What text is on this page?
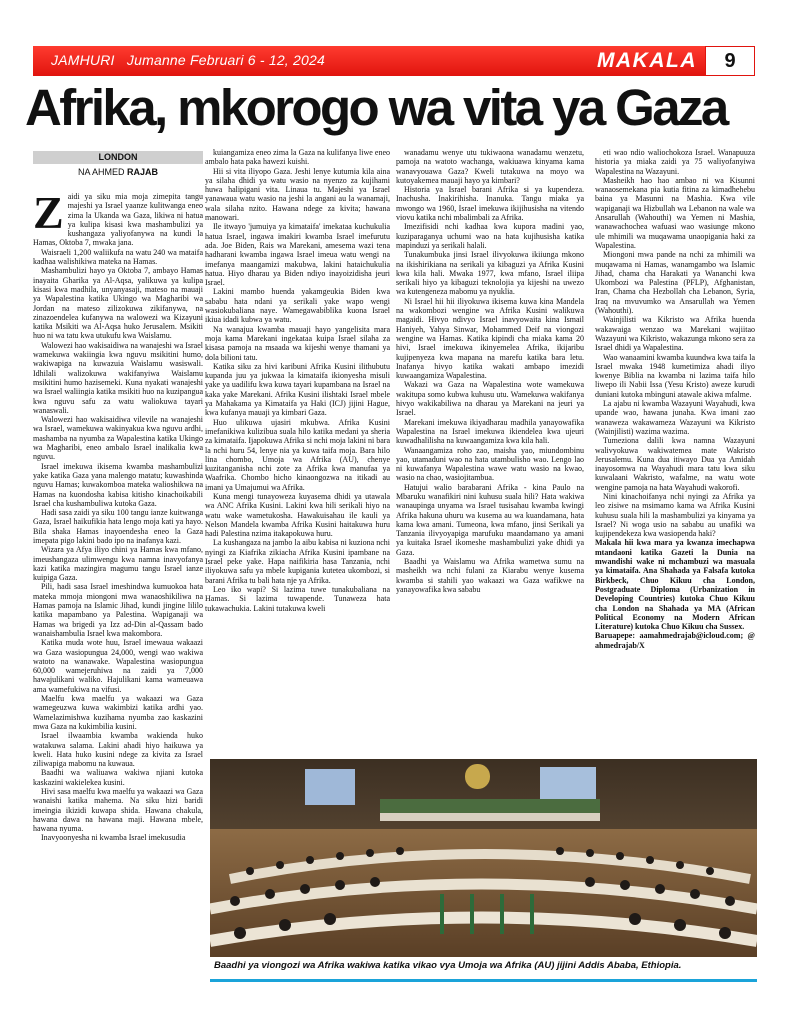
JAMHURI Jumanne Februari 6 - 12, 2024	MAKALA	9
Afrika, mkorogo wa vita ya Gaza
LONDON
NA AHMED RAJAB

Zaidi ya siku mia moja zimepita tangu majeshi ya Israel yaanze kulitwanga eneo zima la Ukanda wa Gaza, likiwa ni hatua ya kulipa kisasi kwa mashambulizi ya kushangaza yaliyofanywa na kundi la Hamas, Oktoba 7, mwaka jana.

Waisraeli 1,200 waliikufa na watu 240 wa mataifa kadhaa walishikiwa mateka na Hamas.

Mashambulizi hayo ya Oktoba 7, ambayo Hamas inayaita Gharika ya Al-Aqsa, yalikuwa ya kulipa kisasi kwa madhila, unyanyasaji, mateso na mauaji ya Wapalestina katika Ukingo wa Magharibi wa Jordan na mateso zilizokuwa zikifanywa, na zinazoendelea kufanywa na walowezi wa Kizayuni katika Msikiti wa Al-Aqsa huko Jerusalem. Msikiti huo ni wa tatu kwa utukufu kwa Waislamu.

Walowezi hao wakisaidiwa na wanajeshi wa Israel wamekuwa wakiingia kwa nguvu msikitini humo, wakiwapiga na kuwazuia Waislamu wasiswali. Idhilali walizokuwa wakifanyiwa Waislamu msikitini humo hazisemeki. Kuna nyakati wanajeshi wa Israel waliingia katika msikiti huo na kuzipangua kwa nguvu safu za watu waliokuwa tayari wanaswali.

Walowezi hao wakisaidiwa vilevile na wanajeshi wa Israel, wamekuwa wakinyakua kwa nguvu ardhi, mashamba na nyumba za Wapalestina katika Ukingo wa Magharibi, eneo ambalo Israel inalikalia kwa nguvu.

Israel imekuwa ikisema kwamba mashambulizi yake katika Gaza yana malengo matatu; kuwashinda nguvu Hamas; kuwakomboa mateka walioshikwa na Hamas na kuondosha kabisa kitisho kinachoikabili Israel cha kushambuliwa kutoka Gaza.

Hadi sasa zaidi ya siku 100 tangu ianze kuitwanga Gaza, Israel haikufikia hata lengo moja kati ya hayo. Bila shaka Hamas inayoendesha eneo la Gaza imepata pigo lakini bado ipo na inafanya kazi.

Wizara ya Afya iliyo chini ya Hamas kwa mfano, imeushangaza ulimwengu kwa namna inavyofanya kazi katika mazingira magumu tangu Israel ianze kuipiga Gaza.

Pili, hadi sasa Israel imeshindwa kumuokoa hata mateka mmoja miongoni mwa wanaoshikiliwa na Hamas pamoja na Islamic Jihad, kundi jingine lililo katika mapambano ya Palestina. Wapiganaji wa Hamas wa brigedi ya Izz ad-Din al-Qassam bado wanaishambulia Israel kwa makombora.

Katika muda wote huu, Israel imewaua wakaazi wa Gaza wasiopungua 24,000, wengi wao wakiwa watoto na wanawake. Wapalestina wasiopungua 60,000 wamejeruhiwa na zaidi ya 7,000 hawajulikani waliko. Hajulikani kama wameuawa ama wamefukiwa na vifusi.

Maelfu kwa maelfu ya wakaazi wa Gaza wamegeuzwa kuwa wakimbizi katika ardhi yao. Wamelazimishwa kuzihama nyumba zao kaskazini mwa Gaza na kukimbilia kusini.

Israel ilwaambia kwamba wakienda huko watakuwa salama. Lakini ahadi hiyo haikuwa ya kweli. Hata huko kusini ndege za kivita za Israel ziliwapiga mabomu na kuwaua.

Baadhi wa waliuawa wakiwa njiani kutoka kaskazini wakielekea kusini.

Hivi sasa maelfu kwa maelfu ya wakaazi wa Gaza wanaishi katika mahema. Na siku hizi baridi imeingia ikizidi kuwapa shida. Hawana chakula, hawana dawa na hawana maji. Hawana mbele, hawana nyuma.

Inavyoonyesha ni kwamba Israel imekusudia

kuiangamiza eneo zima la Gaza na kulifanya liwe eneo ambalo hata paka hawezi kuishi.

Hii si vita iliyopo Gaza. Jeshi lenye kutumia kila aina ya silaha dhidi ya watu wasio na nyenzo za kujihami huwa halipigani vita. Linaua tu. Majeshi ya Israel yanawaua watu wasio na jeshi la angani au la wanamaji, wala silaha nzito. Hawana ndege za kivita; hawana manowari.

Ile itwayo 'jumuiya ya kimataifa' imekataa kuchukulia hatua Israel, ingawa imakiri kwamba Israel imefurutu ada. Joe Biden, Rais wa Marekani, amesema wazi tena hadharani kwamba ingawa Israel imeua watu wengi na imefanya maangamizi makubwa, lakini hataichukulia hatua. Hiyo dharau ya Biden ndiyo inayoizidisha jeuri Israel.

Lakini mambo huenda yakamgeukia Biden kwa sababu hata ndani ya serikali yake wapo wengi wasiokubaliana naye. Wamegawabiblika kuona Israel ikiua idadi kubwa ya watu.

Na wanajua kwamba mauaji hayo yangelisita mara moja kama Marekani ingekataa kuipa Israel silaha za kisasa pamoja na msaada wa kijeshi wenye thamani ya dola bilioni tatu.

Katika siku za hivi karibuni Afrika Kusini ilithubutu kupanda juu ya jukwaa la kimataifa ikionyesha misuli yake ya uadilifu kwa kuwa tayari kupambana na Israel na kaka yake Marekani. Afrika Kusini ilishtaki Israel mbele ya Mahakama ya Kimataifa ya Haki (ICJ) jijini Hague, kwa kufanya mauaji ya kimbari Gaza.

Huo ulikuwa ujasiri mkubwa. Afrika Kusini imefanikiwa kulizibua suala hilo katika medani ya sheria za kimataifa. Ijapokuwa Afrika si nchi moja lakini ni bara la nchi huru 54, lenye nia ya kuwa taifa moja. Bara hilo lina chombo, Umoja wa Afrika (AU), chenye kuzitanganisha nchi zote za Afrika kwa manufaa ya Waafrika. Chombo hicho kinaongozwa na itikadi au imani ya Umajumui wa Afrika.

Kuna mengi tunayoweza kuyasema dhidi ya utawala wa ANC Afrika Kusini. Lakini kwa hili serikali hiyo na watu wake wametukosha. Hawakuisahau ile kauli ya Nelson Mandela kwamba Afrika Kusini haitakuwa huru hadi Palestina nzima itakapokuwa huru.

La kushangaza na jambo la aibu kabisa ni kuziona nchi nyingi za Kiafrika zikiacha Afrika Kusini ipambane na Israel peke yake. Hapa naifikiria hasa Tanzania, nchi iliyokuwa safu ya mbele kupigania kutetea ukombozi, si barani Afrika tu bali hata nje ya Afrika.

Leo iko wapi? Si lazima tuwe tunakubaliana na Hamas. Si lazima tuwapende. Tunaweza hata tukawachukia. Lakini tutakuwa kweli

wanadamu wenye utu tukiwaona wanadamu wenzetu, pamoja na watoto wachanga, wakiuawa kinyama kama wanavyouawa Gaza? Kweli tutakuwa na moyo wa kutoyakemea mauaji hayo ya kimbari?

Historia ya Israel barani Afrika si ya kupendeza. Inachusha. Inakirihisha. Inanuka. Tangu miaka ya mwongo wa 1960, Israel imekuwa ikijihusisha na vitendo viovu katika nchi mbalimbali za Afrika.

Imezifisidi nchi kadhaa kwa kupora madini yao, kuziparaganya uchumi wao na hata kujihusisha katika mapinduzi ya serikali halali.

Tunakumbuka jinsi Israel ilivyokuwa ikiiunga mkono na ikishirikiana na serikali ya kibaguzi ya Afrika Kusini kwa kila hali. Mwaka 1977, kwa mfano, Israel iliipa serikali hiyo ya kibaguzi teknolojia ya kijeshi na uwezo wa kutengeneza mabomu ya nyuklia.

Ni Israel hii hii iliyokuwa ikisema kuwa kina Mandela na wakombozi wengine wa Afrika Kusini walikuwa magaidi. Hivyo ndivyo Israel inavyowaita kina Ismail Haniyeh, Yahya Sinwar, Mohammed Deif na viongozi wengine wa Hamas. Katika kipindi cha miaka kama 20 hivi, Israel imekuwa ikinyemelea Afrika, ikijaribu kujipenyeza kwa mapana na marefu katika bara letu. Inafanya hivyo katika wakati ambapo imezidi kuwaangamiza Wapalestina.

Wakazi wa Gaza na Wapalestina wote wamekuwa wakitupa somo kubwa kuhusu utu. Wamekuwa wakifanya hivyo wakikabiliwa na dharau ya Marekani na jeuri ya Israel.

Marekani imekuwa ikiyadharau madhila yanayowafika Wapalestina na Israel imekuwa ikiendelea kwa ujeuri kuwadhalilisha na kuwaangamiza kwa kila hali.

Wanaangamiza roho zao, maisha yao, miundombinu yao, utamaduni wao na hata utambulisho wao. Lengo lao ni kuwafanya Wapalestina wawe watu wasio na kwao, wasio na chao, wasiojitambua.

Hatujui walio barabarani Afrika - kina Paulo na Mbaruku wanafikiri nini kuhusu suala hili? Hata wakiwa wanaupinga unyama wa Israel tusisahau kwamba kwingi Afrika hakuna uhuru wa kusema au wa kuandamana, hata kama kwa amani. Tumeona, kwa mfano, jinsi Serikali ya Tanzania ilivyoyapiga marufuku maandamano ya amani ya kuitaka Israel ikomeshe mashambulizi yake dhidi ya Gaza.

Baadhi ya Waislamu wa Afrika wametwa sumu na masheikh wa nchi fulani za Kiarabu wenye kusema kwamba si stahili yao wakaazi wa Gaza wafikwe na yanayowafika kwa sababu

eti wao ndio waliochokoza Israel. Wanapuuza historia ya miaka zaidi ya 75 waliyofanyiwa Wapalestina na Wazayuni.

Masheikh hao hao ambao ni wa Kisunni wanaosemekana pia kutia fitina za kimadhehebu baina ya Masunni na Mashia. Kwa vile wapiganaji wa Hizbullah wa Lebanon na wale wa Ansarullah (Wahouthi) wa Yemen ni Mashia, wanawachochea wafuasi wao wasiunge mkono ule mhimili wa muqawama unaopigania haki za Wapalestina.

Miongoni mwa pande na nchi za mhimili wa muqawama ni Hamas, wanamgambo wa Islamic Jihad, chama cha Harakati ya Wananchi kwa Ukombozi wa Palestina (PFLP), Afghanistan, Iran, Chama cha Hezbollah cha Lebanon, Syria, Iraq na mvuvumko wa Ansarullah wa Yemen (Wahouthi).

Wainjilisti wa Kikristo wa Afrika huenda wakawaiga wenzao wa Marekani wajiitao Wazayuni wa Kikristo, wakazunga mkono sera za Israel dhidi ya Wapalestina.

Wao wanaamini kwamba kuundwa kwa taifa la Israel mwaka 1948 kumetimiza ahadi iliyo kwenye Biblia na kwamba ni lazima taifa hilo liwepo ili Nabii Issa (Yesu Kristo) aweze kurudi duniani kutoka mbinguni atawale akiwa mfalme.

La ajabu ni kwamba Wazayuni Wayahudi, kwa upande wao, hawana junaha. Kwa imani zao wanaweza wakawameza Wazayuni wa Kikristo (Wainjilisti) wazima wazima.

Tumeziona dalili kwa namna Wazayuni walivyokuwa wakiwatemea mate Wakristo Jerusalemu. Kuna dua itiwayo Dua ya Amidah inayosomwa na Wayahudi mara tatu kwa siku kuwalaani Wakristo, wafalme, na watu wote wengine pamoja na hata Wayahudi wakorofi.

Nini kinachoifanya nchi nyingi za Afrika ya leo zisiwe na msimamo kama wa Afrika Kusini kuhusu suala hili la mashambulizi ya kinyama ya Israel? Ni woga usio na sababu au unafiki wa kujipendekeza kwa wasiopenda haki?

Makala hii kwa mara ya kwanza imechapwa mtandaoni katika Gazeti la Dunia na mwandishi wake ni mchambuzi wa masuala ya kimataifa. Ana Shahada ya Falsafa kutoka Birkbeck, Chuo Kikuu cha London, Postgraduate Diploma (Urbanization in Developing Countries) kutoka Chuo Kikuu cha London na Shahada ya MA (African Political Economy na Modern African Literature) kutoka Chuo Kikuu cha Sussex.

Baruapepe: aamahmedrajab@icloud.com; @ ahmedrajab/X

Baadhi ya viongozi wa Afrika wakiwa katika vikao vya Umoja wa Afrika (AU) jijini Addis Ababa, Ethiopia.
